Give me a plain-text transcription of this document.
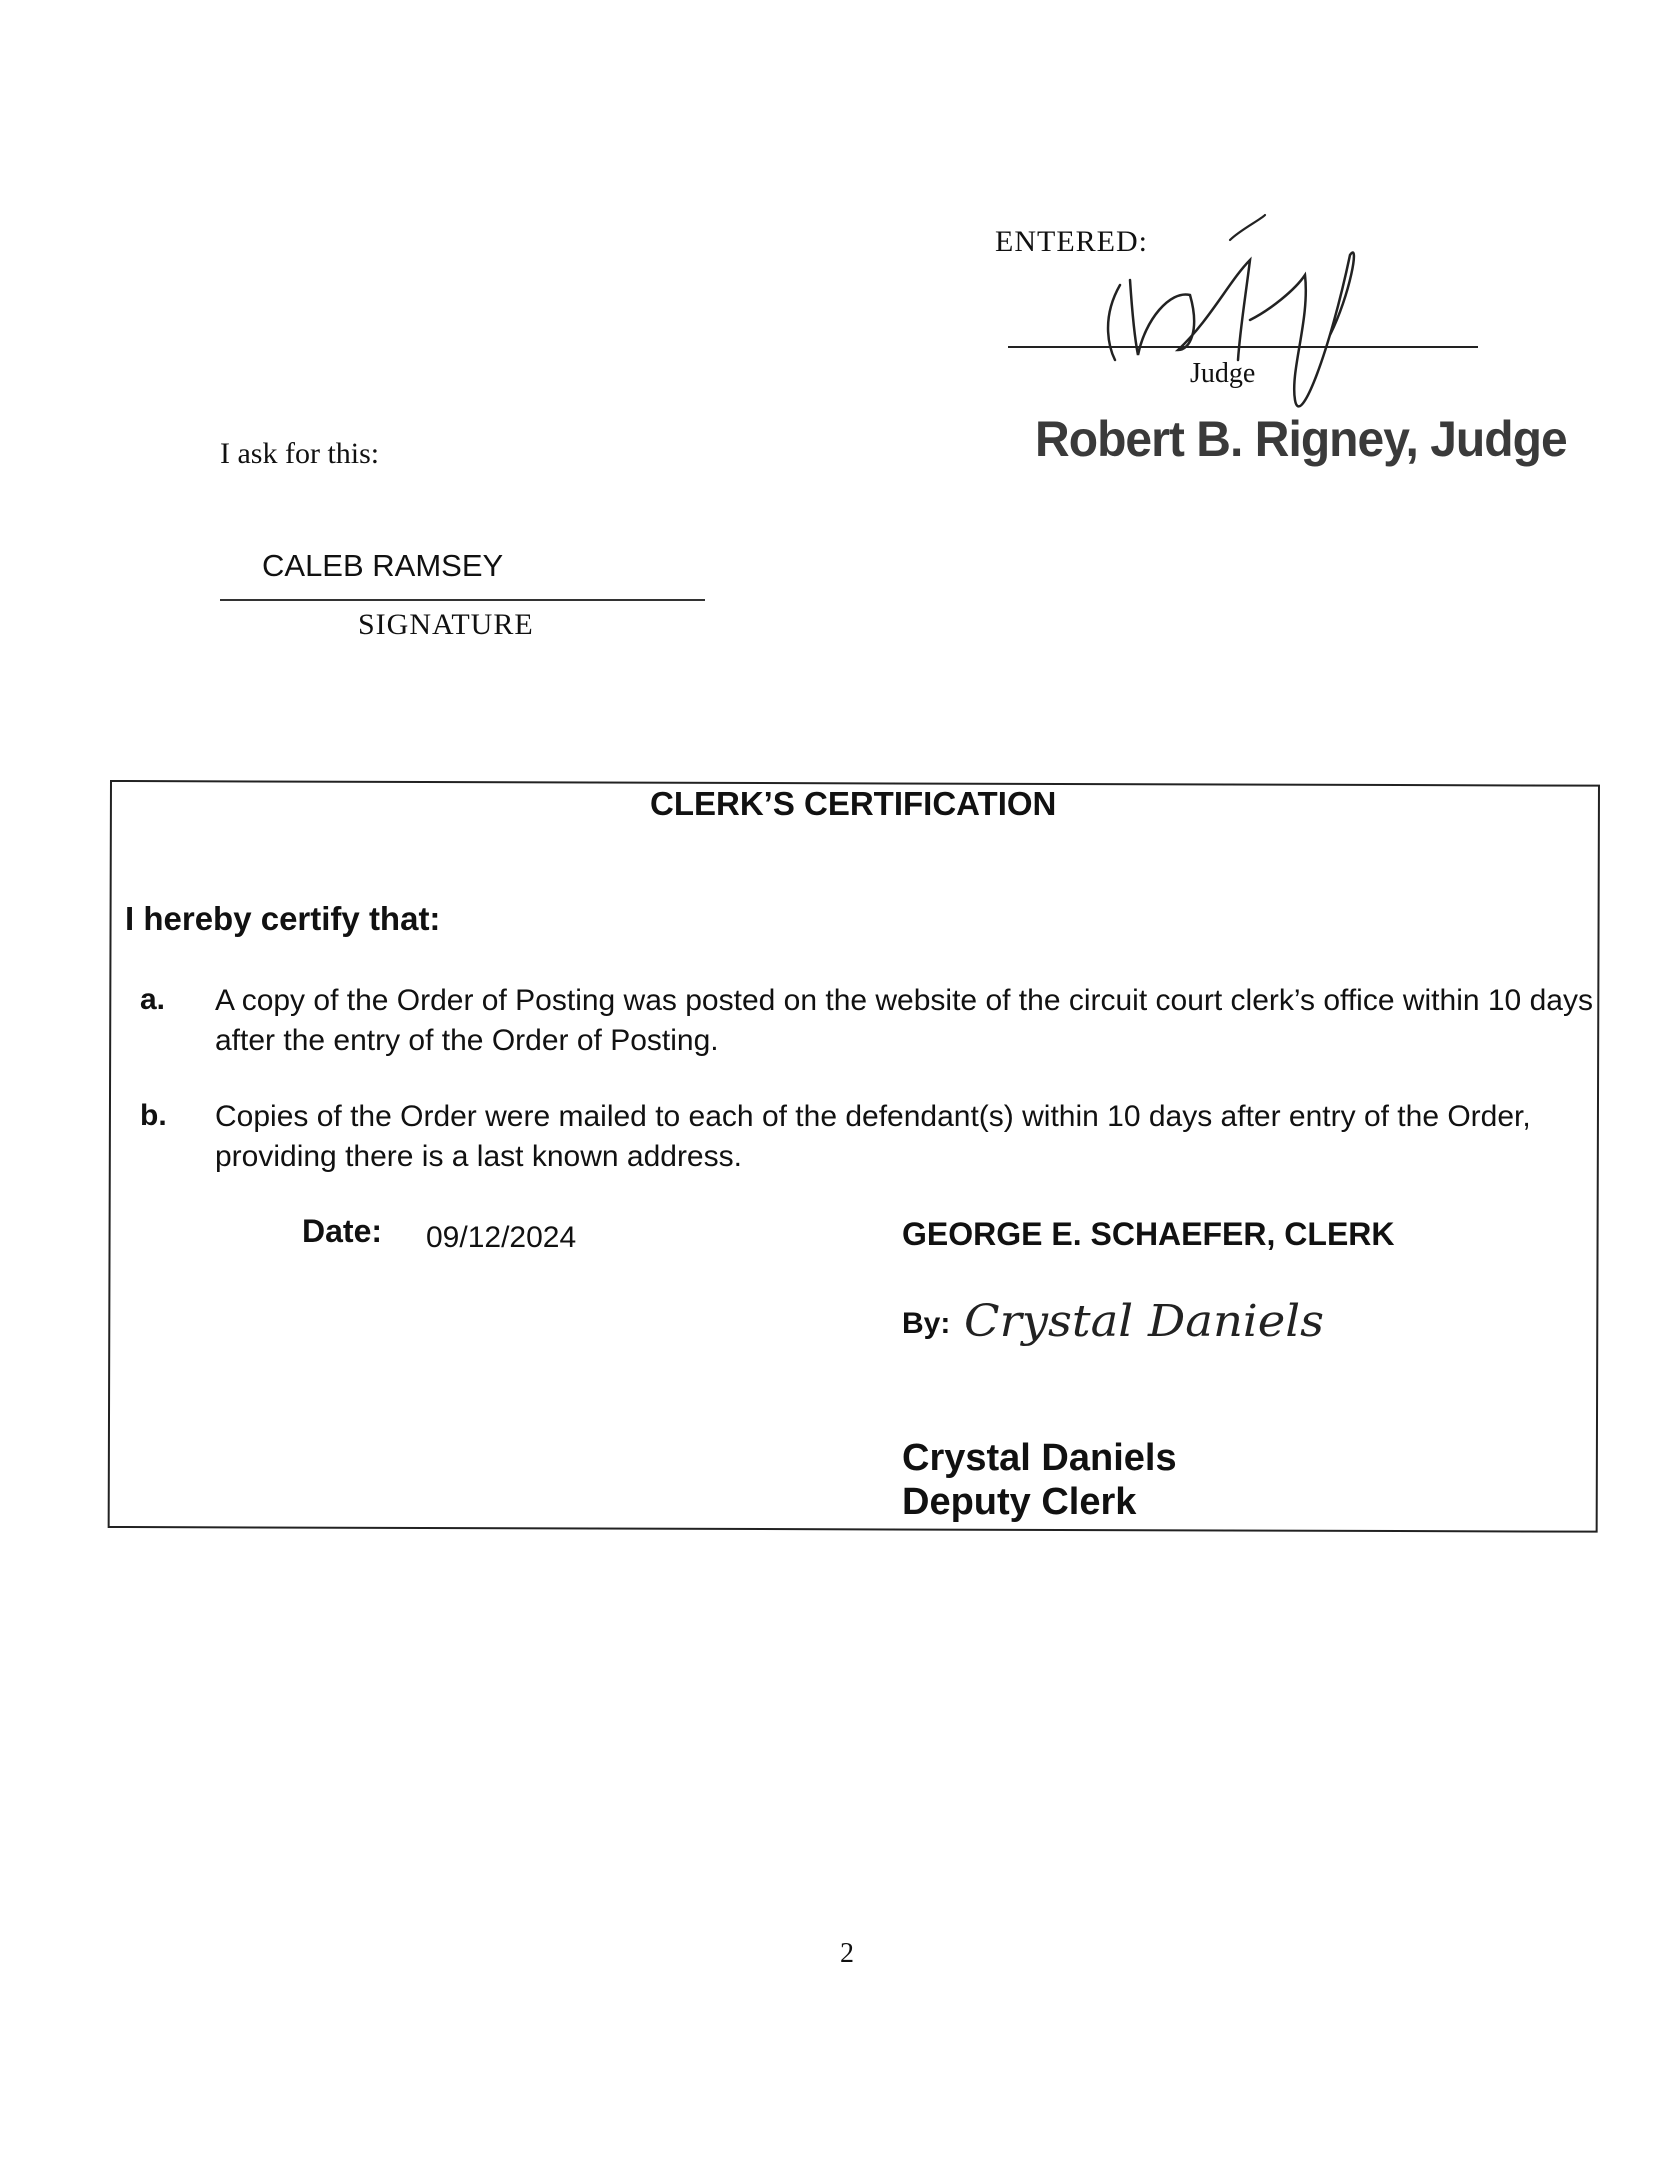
ENTERED:
Judge
Robert B. Rigney, Judge
I ask for this:
CALEB RAMSEY
SIGNATURE
CLERK’S CERTIFICATION
I hereby certify that:
a. A copy of the Order of Posting was posted on the website of the circuit court clerk’s office within 10 days after the entry of the Order of Posting.
b. Copies of the Order were mailed to each of the defendant(s) within 10 days after entry of the Order, providing there is a last known address.
Date: 09/12/2024	GEORGE E. SCHAEFER, CLERK
By: Crystal Daniels
Crystal Daniels
Deputy Clerk
2
